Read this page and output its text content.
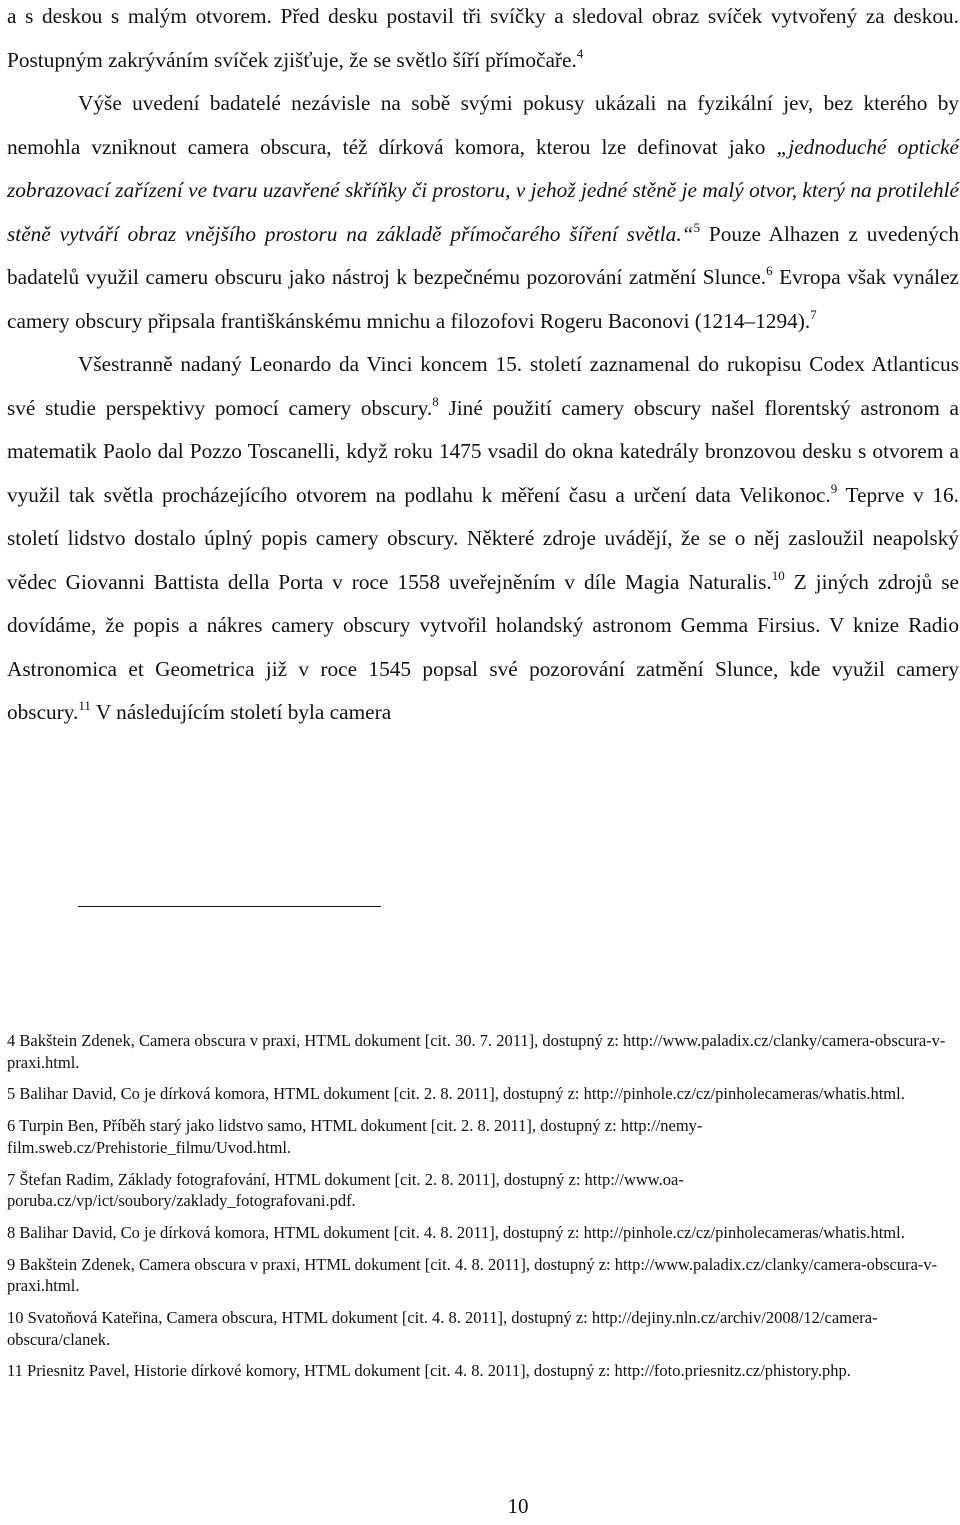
a s deskou s malým otvorem. Před desku postavil tři svíčky a sledoval obraz svíček vytvořený za deskou. Postupným zakrýváním svíček zjišťuje, že se světlo šíří přímočaře.$^4$

Výše uvedení badatelé nezávisle na sobě svými pokusy ukázali na fyzikální jev, bez kterého by nemohla vzniknout camera obscura, též dírková komora, kterou lze definovat jako „jednoduché optické zobrazovací zařízení ve tvaru uzavřené skříňky či prostoru, v jehož jedné stěně je malý otvor, který na protilehlé stěně vytváří obraz vnějšího prostoru na základě přímočarého šíření světla.“$^5$ Pouze Alhazen z uvedených badatelů využil cameru obscuru jako nástroj k bezpečnému pozorování zatmění Slunce.$^6$ Evropa však vynález camery obscury připsala františkánskému mnichu a filozofovi Rogeru Baconovi (1214–1294).$^7$

Všestranně nadaný Leonardo da Vinci koncem 15. století zaznamenal do rukopisu Codex Atlanticus své studie perspektivy pomocí camery obscury.$^8$ Jiné použití camery obscury našel florentský astronom a matematik Paolo dal Pozzo Toscanelli, když roku 1475 vsadil do okna katedrály bronzovou desku s otvorem a využil tak světla procházejícího otvorem na podlahu k měření času a určení data Velikonoc.$^9$ Teprve v 16. století lidstvo dostalo úplný popis camery obscury. Některé zdroje uvádějí, že se o něj zasloužil neapolský vědec Giovanni Battista della Porta v roce 1558 uveřejněním v díle Magia Naturalis.$^{10}$ Z jiných zdrojů se dovídáme, že popis a nákres camery obscury vytvořil holandský astronom Gemma Firsius. V knize Radio Astronomica et Geometrica již v roce 1545 popsal své pozorování zatmění Slunce, kde využil camery obscury.$^{11}$ V následujícím století byla camera

4 Bakštein Zdenek, Camera obscura v praxi, HTML dokument [cit. 30. 7. 2011], dostupný z: http://www.paladix.cz/clanky/camera-obscura-v-praxi.html.

5 Balihar David, Co je dírková komora, HTML dokument [cit. 2. 8. 2011], dostupný z: http://pinhole.cz/cz/pinholecameras/whatis.html.

6 Turpin Ben, Příběh starý jako lidstvo samo, HTML dokument [cit. 2. 8. 2011], dostupný z: http://nemy-film.sweb.cz/Prehistorie_filmu/Uvod.html.

7 Štefan Radim, Základy fotografování, HTML dokument [cit. 2. 8. 2011], dostupný z: http://www.oa-poruba.cz/vp/ict/soubory/zaklady_fotografovani.pdf.

8 Balihar David, Co je dírková komora, HTML dokument [cit. 4. 8. 2011], dostupný z: http://pinhole.cz/cz/pinholecameras/whatis.html.

9 Bakštein Zdenek, Camera obscura v praxi, HTML dokument [cit. 4. 8. 2011], dostupný z: http://www.paladix.cz/clanky/camera-obscura-v-praxi.html.

10 Svatoňová Kateřina, Camera obscura, HTML dokument [cit. 4. 8. 2011], dostupný z: http://dejiny.nln.cz/archiv/2008/12/camera-obscura/clanek.

11 Priesnitz Pavel, Historie dírkové komory, HTML dokument [cit. 4. 8. 2011], dostupný z: http://foto.priesnitz.cz/phistory.php.

10
